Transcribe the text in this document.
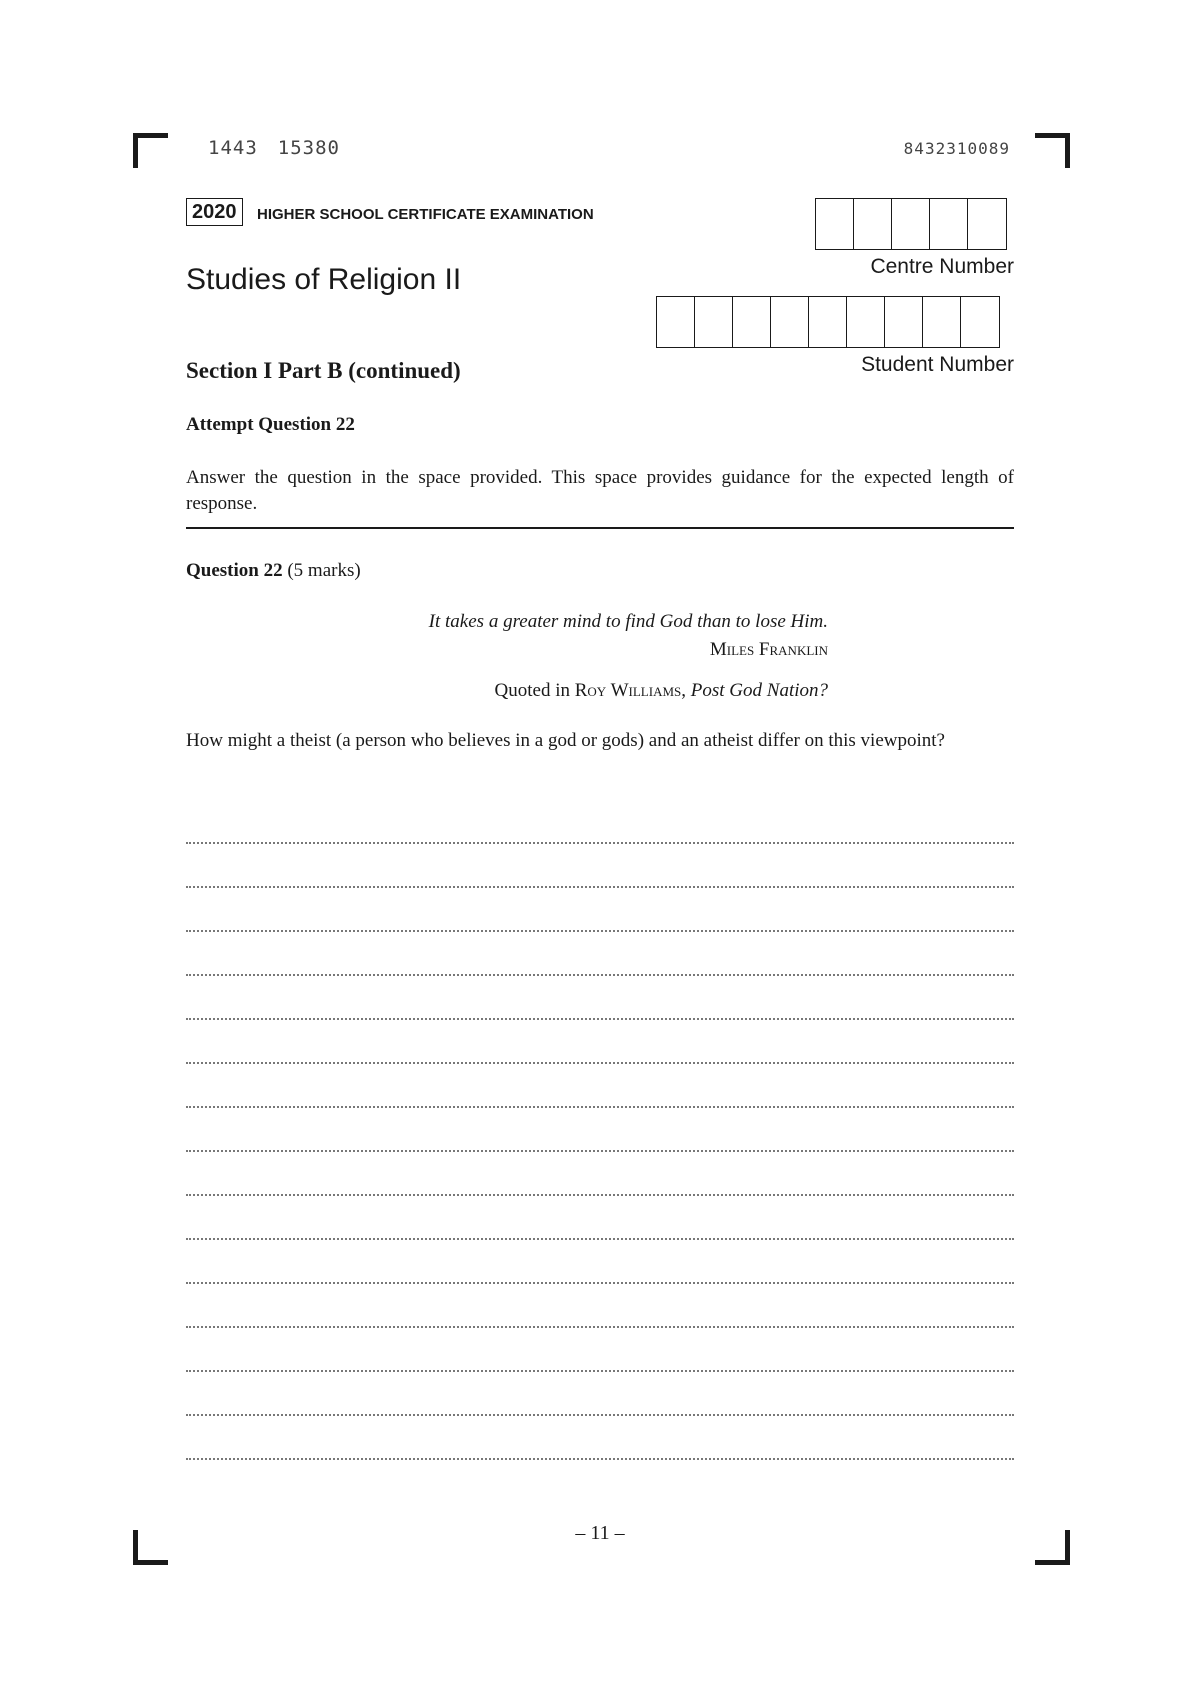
1443 15380	8432310089
2020	HIGHER SCHOOL CERTIFICATE EXAMINATION
Studies of Religion II	Centre Number
Student Number
Section I Part B (continued)
Attempt Question 22
Answer the question in the space provided. This space provides guidance for the expected length of response.
Question 22 (5 marks)
It takes a greater mind to find God than to lose Him.
Miles Franklin
Quoted in Roy Williams, Post God Nation?
How might a theist (a person who believes in a god or gods) and an atheist differ on this viewpoint?
– 11 –
